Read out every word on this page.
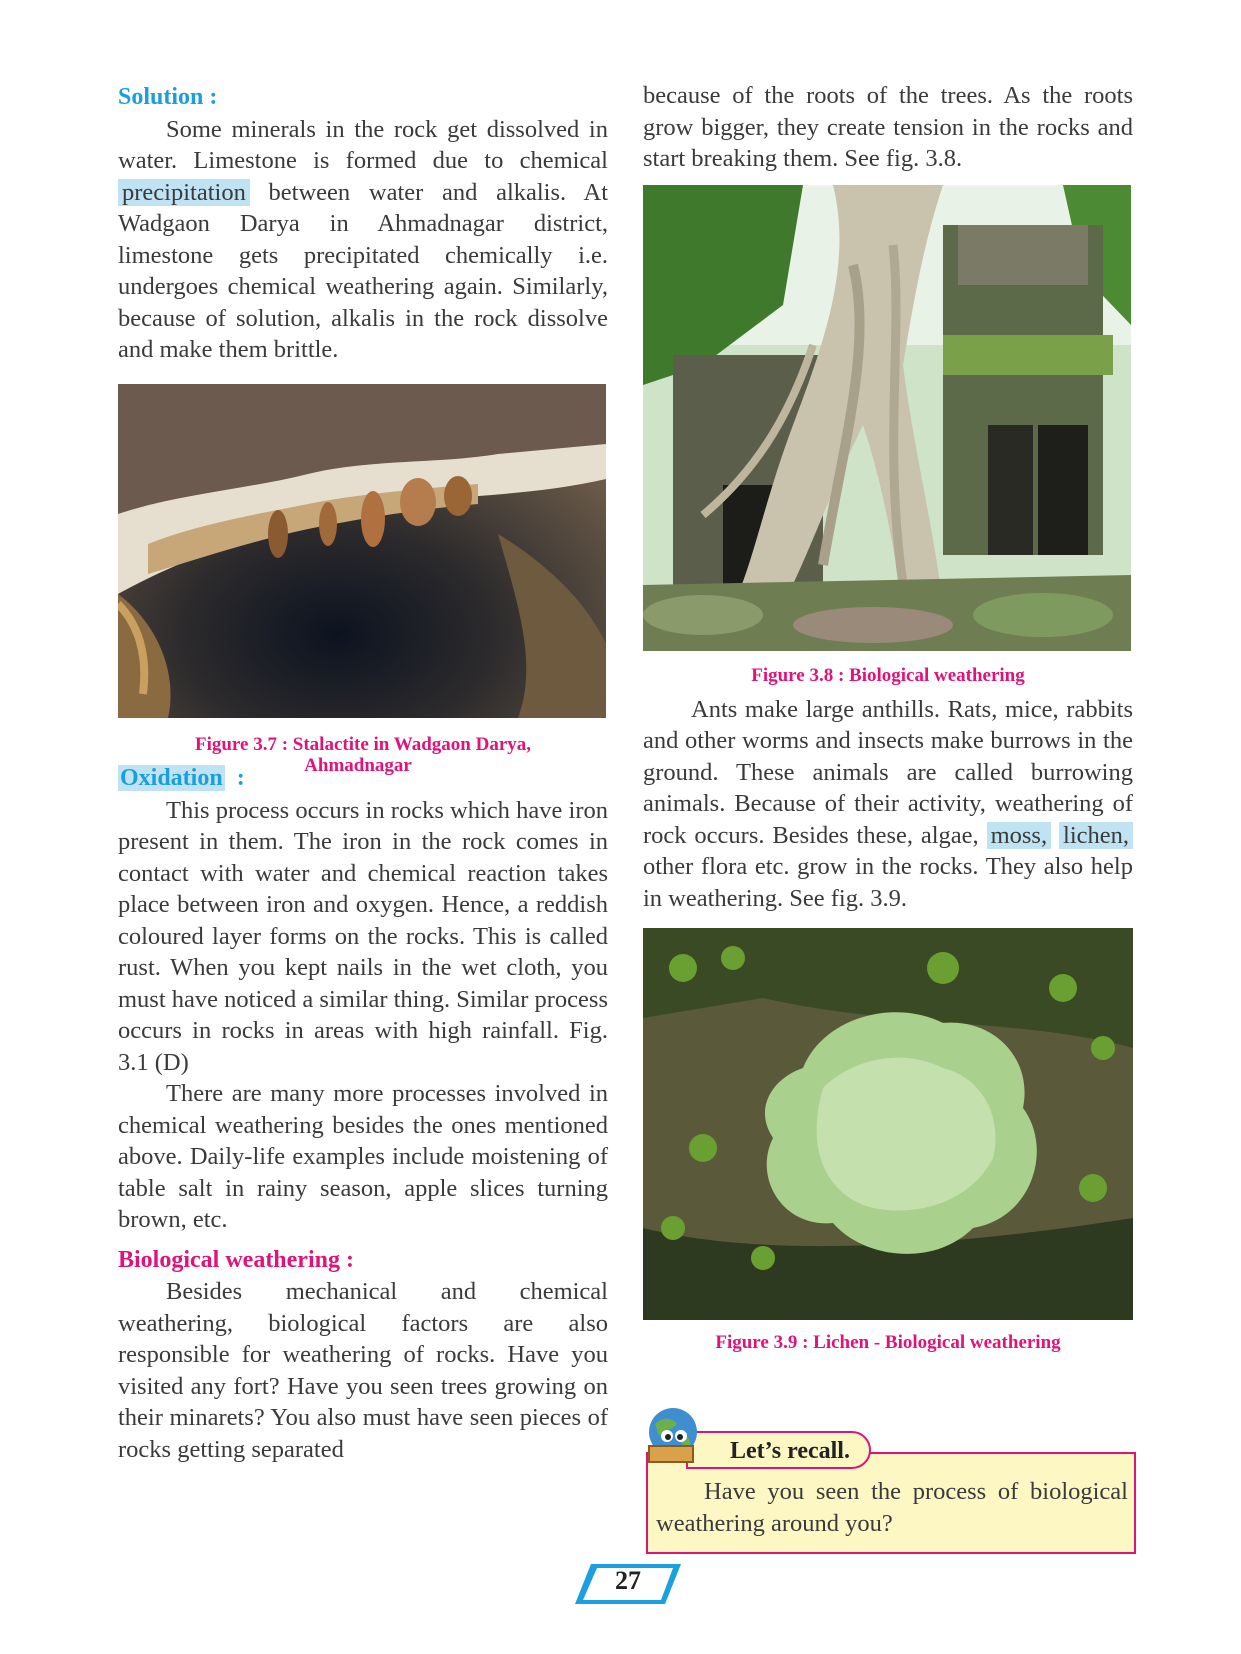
Solution :

Some minerals in the rock get dissolved in water. Limestone is formed due to chemical precipitation between water and alkalis. At Wadgaon Darya in Ahmadnagar district, limestone gets precipitated chemically i.e. undergoes chemical weathering again. Similarly, because of solution, alkalis in the rock dissolve and make them brittle.

Figure 3.7 : Stalactite in Wadgaon Darya,
Ahmadnagar
Oxidation :

This process occurs in rocks which have iron present in them. The iron in the rock comes in contact with water and chemical reaction takes place between iron and oxygen. Hence, a reddish coloured layer forms on the rocks. This is called rust. When you kept nails in the wet cloth, you must have noticed a similar thing. Similar process occurs in rocks in areas with high rainfall. Fig. 3.1 (D)

There are many more processes involved in chemical weathering besides the ones mentioned above. Daily-life examples include moistening of table salt in rainy season, apple slices turning brown, etc.

Biological weathering :

Besides mechanical and chemical weathering, biological factors are also responsible for weathering of rocks. Have you visited any fort? Have you seen trees growing on their minarets? You also must have seen pieces of rocks getting separated

because of the roots of the trees. As the roots grow bigger, they create tension in the rocks and start breaking them. See fig. 3.8.

Figure 3.8 : Biological weathering

Ants make large anthills. Rats, mice, rabbits and other worms and insects make burrows in the ground. These animals are called burrowing animals. Because of their activity, weathering of rock occurs. Besides these, algae, moss, lichen, other flora etc. grow in the rocks. They also help in weathering. See fig. 3.9.

Figure 3.9 : Lichen - Biological weathering

Have you seen the process of biological weathering around you?

Let’s recall.
27
